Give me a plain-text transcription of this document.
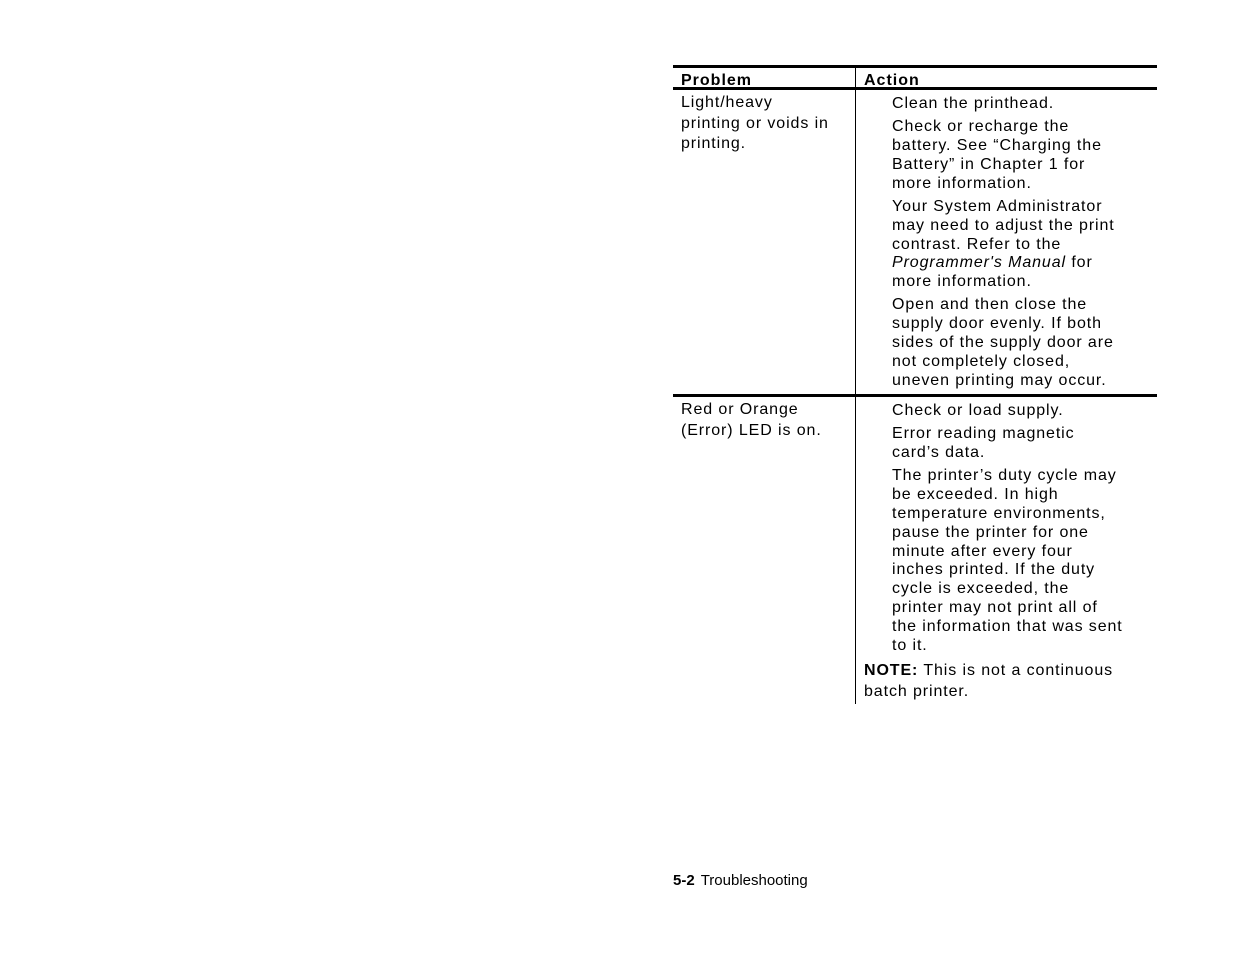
Problem	Action
Light/heavy
printing or voids in
printing.
Clean the printhead.
Check or recharge the
battery. See “Charging the
Battery” in Chapter 1 for
more information.
Your System Administrator
may need to adjust the print
contrast. Refer to the
Programmer's Manual for
more information.
Open and then close the
supply door evenly. If both
sides of the supply door are
not completely closed,
uneven printing may occur.
Red or Orange
(Error) LED is on.
Check or load supply.
Error reading magnetic
card’s data.
The printer’s duty cycle may
be exceeded. In high
temperature environments,
pause the printer for one
minute after every four
inches printed. If the duty
cycle is exceeded, the
printer may not print all of
the information that was sent
to it.
NOTE: This is not a continuous batch printer.
5-2 Troubleshooting
